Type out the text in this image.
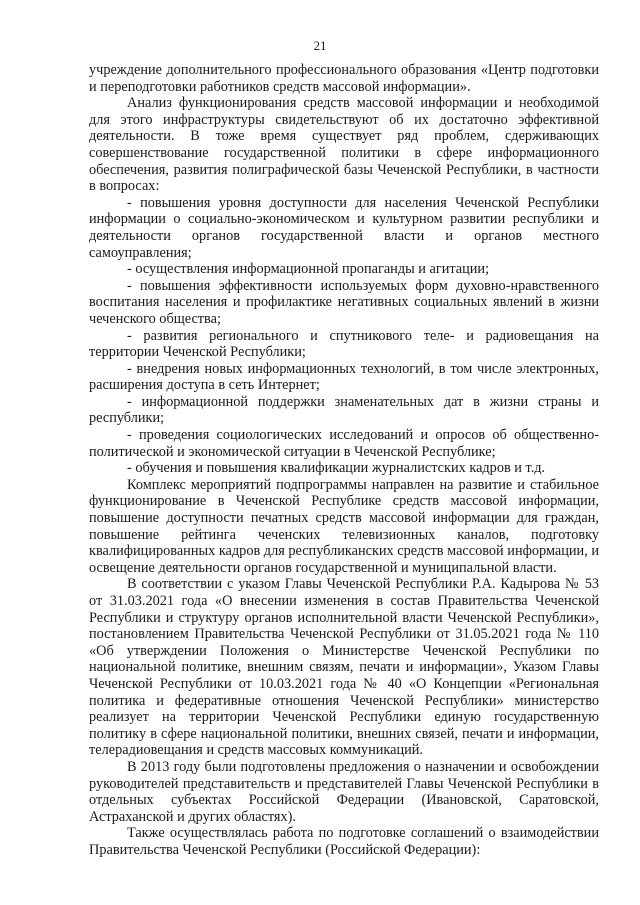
21

учреждение дополнительного профессионального образования «Центр подготовки и переподготовки работников средств массовой информации».

Анализ функционирования средств массовой информации и необходимой для этого инфраструктуры свидетельствуют об их достаточно эффективной деятельности. В тоже время существует ряд проблем, сдерживающих совершенствование государственной политики в сфере информационного обеспечения, развития полиграфической базы Чеченской Республики, в частности в вопросах:

- повышения уровня доступности для населения Чеченской Республики информации о социально-экономическом и культурном развитии республики и деятельности органов государственной власти и органов местного самоуправления;

- осуществления информационной пропаганды и агитации;

- повышения эффективности используемых форм духовно-нравственного воспитания населения и профилактике негативных социальных явлений в жизни чеченского общества;

- развития регионального и спутникового теле- и радиовещания на территории Чеченской Республики;

- внедрения новых информационных технологий, в том числе электронных, расширения доступа в сеть Интернет;

- информационной поддержки знаменательных дат в жизни страны и республики;

- проведения социологических исследований и опросов об общественно-политической и экономической ситуации в Чеченской Республике;

- обучения и повышения квалификации журналистских кадров и т.д.

Комплекс мероприятий подпрограммы направлен на развитие и стабильное функционирование в Чеченской Республике средств массовой информации, повышение доступности печатных средств массовой информации для граждан, повышение рейтинга чеченских телевизионных каналов, подготовку квалифицированных кадров для республиканских средств массовой информации, и освещение деятельности органов государственной и муниципальной власти.

В соответствии с указом Главы Чеченской Республики Р.А. Кадырова № 53 от 31.03.2021 года «О внесении изменения в состав Правительства Чеченской Республики и структуру органов исполнительной власти Чеченской Республики», постановлением Правительства Чеченской Республики от 31.05.2021 года № 110 «Об утверждении Положения о Министерстве Чеченской Республики по национальной политике, внешним связям, печати и информации», Указом Главы Чеченской Республики от 10.03.2021 года № 40 «О Концепции «Региональная политика и федеративные отношения Чеченской Республики» министерство реализует на территории Чеченской Республики единую государственную политику в сфере национальной политики, внешних связей, печати и информации, телерадиовещания и средств массовых коммуникаций.

В 2013 году были подготовлены предложения о назначении и освобождении руководителей представительств и представителей Главы Чеченской Республики в отдельных субъектах Российской Федерации (Ивановской, Саратовской, Астраханской и других областях).

Также осуществлялась работа по подготовке соглашений о взаимодействии Правительства Чеченской Республики (Российской Федерации):
